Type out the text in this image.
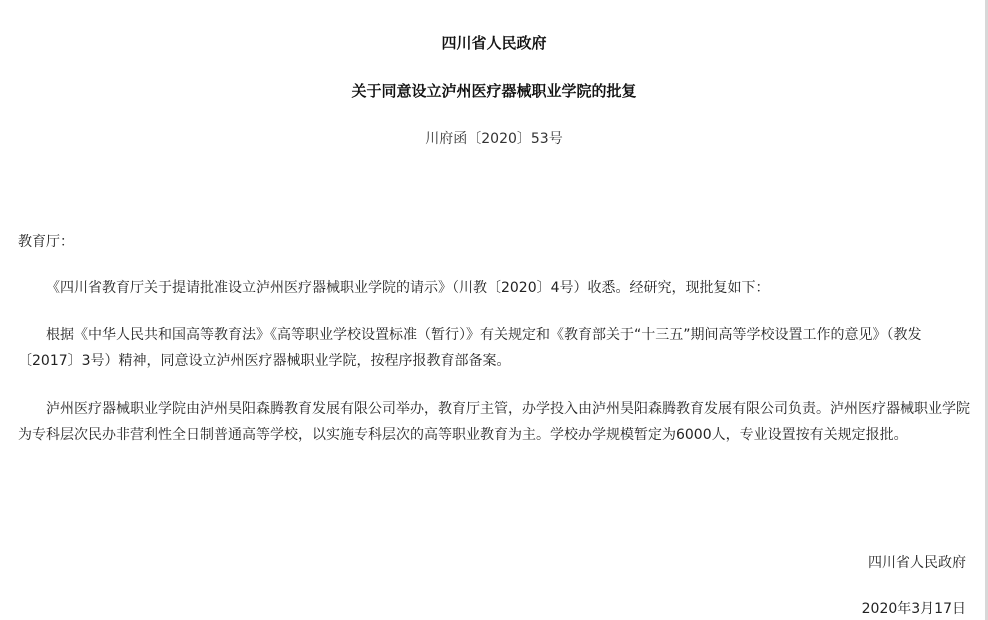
四川省人民政府
关于同意设立泸州医疗器械职业学院的批复
川府函〔2020〕53号
教育厅：

《四川省教育厅关于提请批准设立泸州医疗器械职业学院的请示》（川教〔2020〕4号）收悉。经研究，现批复如下：

根据《中华人民共和国高等教育法》《高等职业学校设置标准（暂行）》有关规定和《教育部关于“十三五”期间高等学校设置工作的意见》（教发〔2017〕3号）精神，同意设立泸州医疗器械职业学院，按程序报教育部备案。

泸州医疗器械职业学院由泸州昊阳森腾教育发展有限公司举办，教育厅主管，办学投入由泸州昊阳森腾教育发展有限公司负责。泸州医疗器械职业学院为专科层次民办非营利性全日制普通高等学校，以实施专科层次的高等职业教育为主。学校办学规模暂定为6000人，专业设置按有关规定报批。

四川省人民政府
2020年3月17日
